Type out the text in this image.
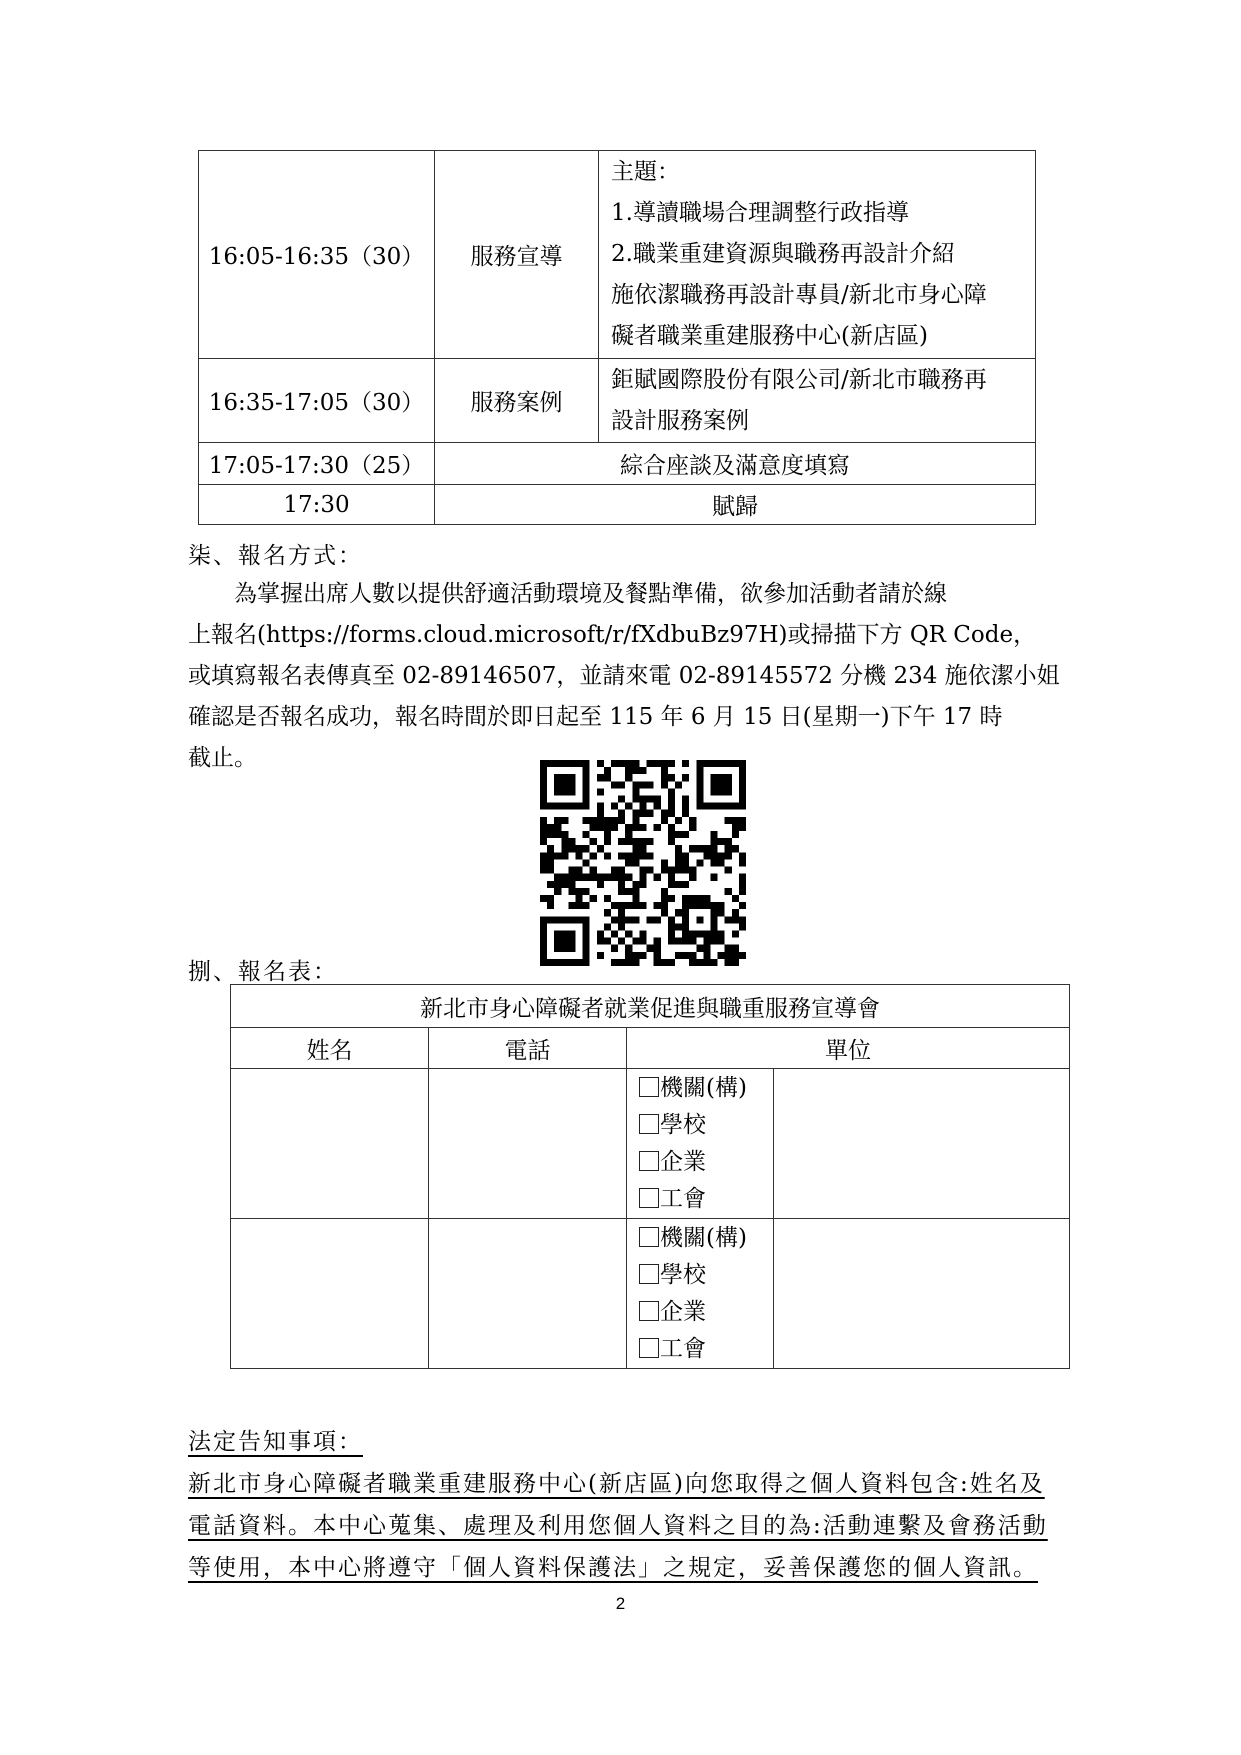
16:05-16:35（30）	服務宣導	主題：
1.導讀職場合理調整行政指導
2.職業重建資源與職務再設計介紹
施依潔職務再設計專員/新北市身心障
礙者職業重建服務中心(新店區)

16:35-17:05（30）	服務案例	鉅賦國際股份有限公司/新北市職務再
設計服務案例

17:05-17:30（25）	綜合座談及滿意度填寫	
17:30	賦歸	
柒、報名方式：
　　為掌握出席人數以提供舒適活動環境及餐點準備，欲參加活動者請於線
上報名(https://forms.cloud.microsoft/r/fXdbuBz97H)或掃描下方 QR Code，
或填寫報名表傳真至 02-89146507，並請來電 02-89145572 分機 234 施依潔小姐
確認是否報名成功，報名時間於即日起至 115 年 6 月 15 日(星期一)下午 17 時
截止。
捌、報名表：
新北市身心障礙者就業促進與職重服務宣導會			
姓名	電話	單位	

		機關(構)
學校
企業
工會	

		機關(構)
學校
企業
工會	

法定告知事項：
新北市身心障礙者職業重建服務中心(新店區)向您取得之個人資料包含:姓名及
電話資料。本中心蒐集、處理及利用您個人資料之目的為:活動連繫及會務活動
等使用，本中心將遵守「個人資料保護法」之規定，妥善保護您的個人資訊。
2
